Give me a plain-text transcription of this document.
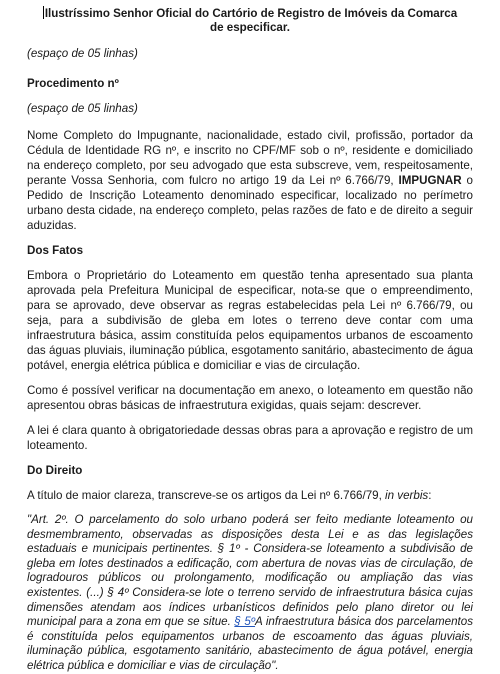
Ilustríssimo Senhor Oficial do Cartório de Registro de Imóveis da Comarca
de especificar.

(espaço de 05 linhas)

Procedimento nº

(espaço de 05 linhas)

Nome Completo do Impugnante, nacionalidade, estado civil, profissão, portador da Cédula de Identidade RG nº, e inscrito no CPF/MF sob o nº, residente e domiciliado na endereço completo, por seu advogado que esta subscreve, vem, respeitosamente, perante Vossa Senhoria, com fulcro no artigo 19 da Lei nº 6.766/79, IMPUGNAR o Pedido de Inscrição Loteamento denominado especificar, localizado no perímetro urbano desta cidade, na endereço completo, pelas razões de fato e de direito a seguir aduzidas.

Dos Fatos

Embora o Proprietário do Loteamento em questão tenha apresentado sua planta aprovada pela Prefeitura Municipal de especificar, nota-se que o empreendimento, para se aprovado, deve observar as regras estabelecidas pela Lei nº 6.766/79, ou seja, para a subdivisão de gleba em lotes o terreno deve contar com uma infraestrutura básica, assim constituída pelos equipamentos urbanos de escoamento das águas pluviais, iluminação pública, esgotamento sanitário, abastecimento de água potável, energia elétrica pública e domiciliar e vias de circulação.

Como é possível verificar na documentação em anexo, o loteamento em questão não apresentou obras básicas de infraestrutura exigidas, quais sejam: descrever.

A lei é clara quanto à obrigatoriedade dessas obras para a aprovação e registro de um loteamento.

Do Direito

A título de maior clareza, transcreve-se os artigos da Lei nº 6.766/79, in verbis:

"Art. 2º. O parcelamento do solo urbano poderá ser feito mediante loteamento ou desmembramento, observadas as disposições desta Lei e as das legislações estaduais e municipais pertinentes. § 1º - Considera-se loteamento a subdivisão de gleba em lotes destinados a edificação, com abertura de novas vias de circulação, de logradouros públicos ou prolongamento, modificação ou ampliação das vias existentes. (...) § 4º Considera-se lote o terreno servido de infraestrutura básica cujas dimensões atendam aos índices urbanísticos definidos pelo plano diretor ou lei municipal para a zona em que se situe. § 5ºA infraestrutura básica dos parcelamentos é constituída pelos equipamentos urbanos de escoamento das águas pluviais, iluminação pública, esgotamento sanitário, abastecimento de água potável, energia elétrica pública e domiciliar e vias de circulação".
